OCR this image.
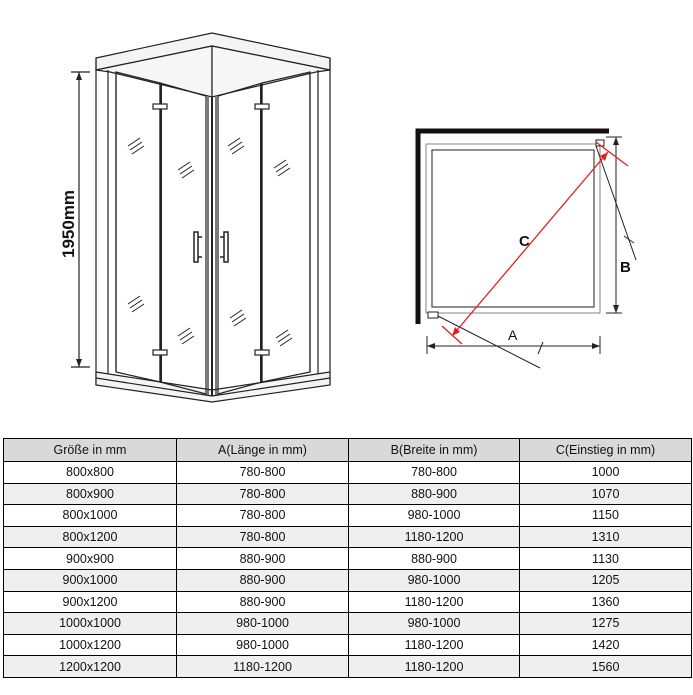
1950mm	C
B
A
Größe in mm	A(Länge in mm)	B(Breite in mm)	C(Einstieg in mm)
800x800	780-800	780-800	1000
800x900	780-800	880-900	1070
800x1000	780-800	980-1000	1150
800x1200	780-800	1180-1200	1310
900x900	880-900	880-900	1130
900x1000	880-900	980-1000	1205
900x1200	880-900	1180-1200	1360
1000x1000	980-1000	980-1000	1275
1000x1200	980-1000	1180-1200	1420
1200x1200	1180-1200	1180-1200	1560
